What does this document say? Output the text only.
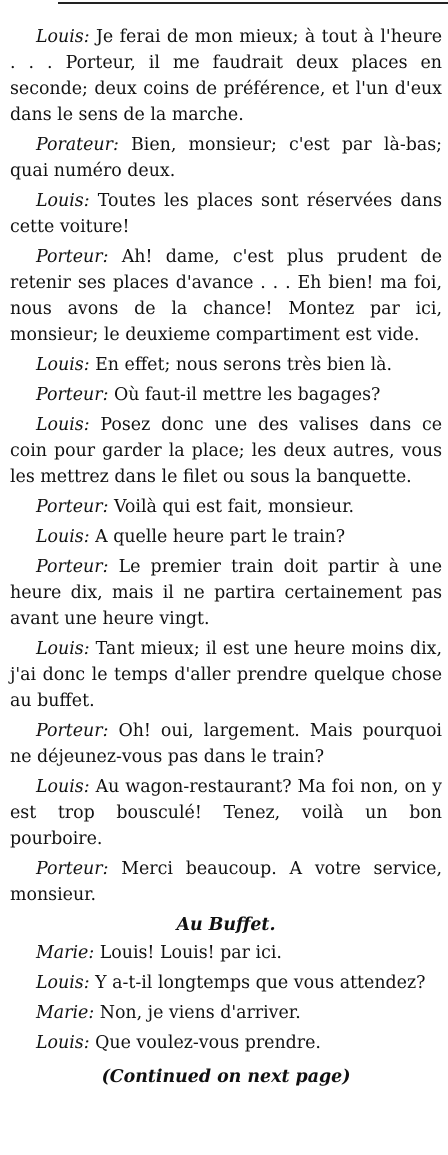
Louis: Je ferai de mon mieux; à tout à l'heure . . . Porteur, il me faudrait deux places en seconde; deux coins de préférence, et l'un d'eux dans le sens de la marche.

Porateur: Bien, monsieur; c'est par là-bas; quai numéro deux.

Louis: Toutes les places sont réservées dans cette voiture!

Porteur: Ah! dame, c'est plus prudent de retenir ses places d'avance . . . Eh bien! ma foi, nous avons de la chance! Montez par ici, monsieur; le deuxieme compartiment est vide.

Louis: En effet; nous serons très bien là.

Porteur: Où faut-il mettre les bagages?

Louis: Posez donc une des valises dans ce coin pour garder la place; les deux autres, vous les mettrez dans le filet ou sous la banquette.

Porteur: Voilà qui est fait, monsieur.

Louis: A quelle heure part le train?

Porteur: Le premier train doit partir à une heure dix, mais il ne partira certainement pas avant une heure vingt.

Louis: Tant mieux; il est une heure moins dix, j'ai donc le temps d'aller prendre quelque chose au buffet.

Porteur: Oh! oui, largement. Mais pourquoi ne déjeunez-vous pas dans le train?

Louis: Au wagon-restaurant? Ma foi non, on y est trop bousculé! Tenez, voilà un bon pourboire.

Porteur: Merci beaucoup. A votre service, monsieur.

Au Buffet.

Marie: Louis! Louis! par ici.

Louis: Y a-t-il longtemps que vous attendez?

Marie: Non, je viens d'arriver.

Louis: Que voulez-vous prendre.

(Continued on next page)
